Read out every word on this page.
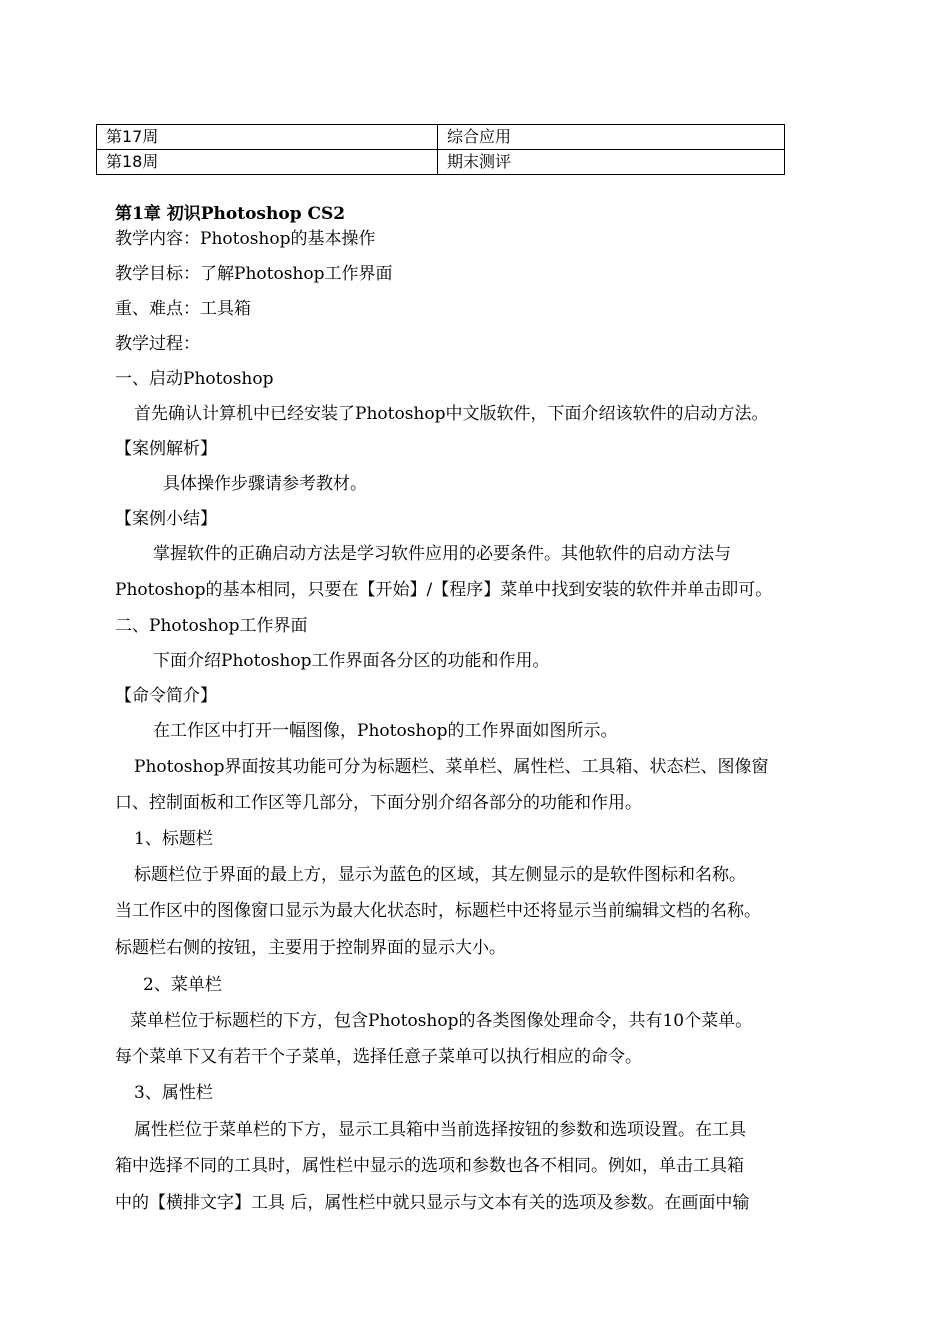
第17周	综合应用
第18周	期末测评
第1章 初识Photoshop CS2
教学内容：Photoshop的基本操作
教学目标：了解Photoshop工作界面
重、难点：工具箱
教学过程：
一、启动Photoshop
首先确认计算机中已经安装了Photoshop中文版软件，下面介绍该软件的启动方法。
【案例解析】
具体操作步骤请参考教材。
【案例小结】
掌握软件的正确启动方法是学习软件应用的必要条件。其他软件的启动方法与
Photoshop的基本相同，只要在【开始】/【程序】菜单中找到安装的软件并单击即可。
二、Photoshop工作界面
下面介绍Photoshop工作界面各分区的功能和作用。
【命令简介】
在工作区中打开一幅图像，Photoshop的工作界面如图所示。
Photoshop界面按其功能可分为标题栏、菜单栏、属性栏、工具箱、状态栏、图像窗
口、控制面板和工作区等几部分，下面分别介绍各部分的功能和作用。
1、标题栏
标题栏位于界面的最上方，显示为蓝色的区域，其左侧显示的是软件图标和名称。
当工作区中的图像窗口显示为最大化状态时，标题栏中还将显示当前编辑文档的名称。
标题栏右侧的按钮，主要用于控制界面的显示大小。
2、菜单栏
菜单栏位于标题栏的下方，包含Photoshop的各类图像处理命令，共有10个菜单。
每个菜单下又有若干个子菜单，选择任意子菜单可以执行相应的命令。
3、属性栏
属性栏位于菜单栏的下方，显示工具箱中当前选择按钮的参数和选项设置。在工具
箱中选择不同的工具时，属性栏中显示的选项和参数也各不相同。例如，单击工具箱
中的【横排文字】工具 后，属性栏中就只显示与文本有关的选项及参数。在画面中输
